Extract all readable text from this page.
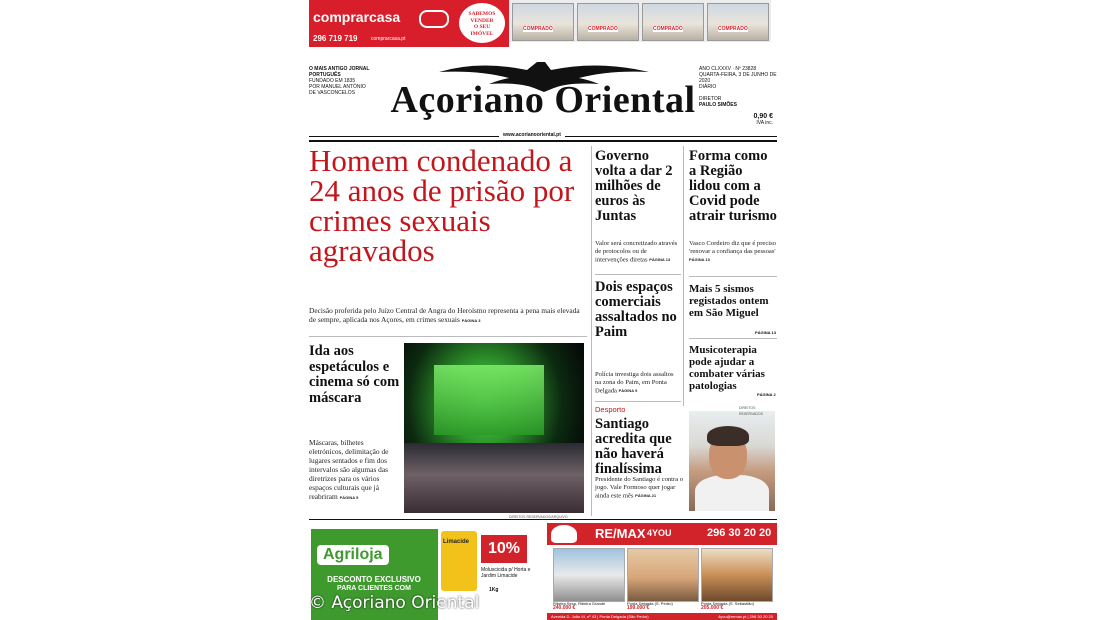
comprarcasa
296 719 719	comprarcasa.pt
SABEMOS
VENDER
O SEU
IMÓVEL
COMPRADO	COMPRADO	COMPRADO	COMPRADO
O MAIS ANTIGO JORNAL PORTUGUÊS
FUNDADO EM 1835
POR MANUEL ANTÓNIO
DE VASCONCELOS Açoriano Oriental
ANO CLXXXV · Nº 23828
QUARTA-FEIRA, 3 DE JUNHO DE 2020
DIÁRIO
DIRETOR
PAULO SIMÕES
0,90 €
IVA inc.
www.acorianooriental.pt
Homem condenado a 24 anos de prisão por crimes sexuais agravados
Decisão proferida pelo Juízo Central de Angra do Heroísmo representa a pena mais elevada de sempre, aplicada nos Açores, em crimes sexuais PÁGINA 3
Ida aos espetáculos e cinema só com máscara
Máscaras, bilhetes eletrónicos, delimitação de lugares sentados e fim dos intervalos são algumas das diretrizes para os vários espaços culturais que já reabriram PÁGINA 5
DIREITOS RESERVADOS/ARQUIVO
Governo volta a dar 2 milhões de euros às Juntas
Valor será concretizado através de protocolos ou de intervenções diretas PÁGINA 13
Dois espaços comerciais assaltados no Paim
Polícia investiga dois assaltos na zona do Paim, em Ponta Delgada PÁGINA 9
Desporto
Santiago acredita que não haverá finalíssima
Presidente do Santiago é contra o jogo. Vale Formoso quer jogar ainda este mês PÁGINA 21
DIREITOS RESERVADOS
Forma como a Região lidou com a Covid pode atrair turismo
Vasco Cordeiro diz que é preciso 'renovar a confiança das pessoas' PÁGINA 10
Mais 5 sismos registados ontem em São Miguel
PÁGINA 13
Musicoterapia pode ajudar a combater várias patologias
PÁGINA 2
Agriloja
DESCONTO EXCLUSIVO
PARA CLIENTES COM
Limacide	10%
Moluscicida p/ Horta e Jardim Limacide
1Kg
RE/MAX 4YOU	296 30 20 20
Ribeira Seca, Ribeira Grande
240.000 €
Ponta Delgada (S. Pedro)
199.000 €
Ponta Delgada (S. Sebastião)
205.000 €
Avenida D. João III, nº 43 | Ponta Delgada (São Pedro)	4you@remax.pt | 296 30 20 20
© Açoriano Oriental
